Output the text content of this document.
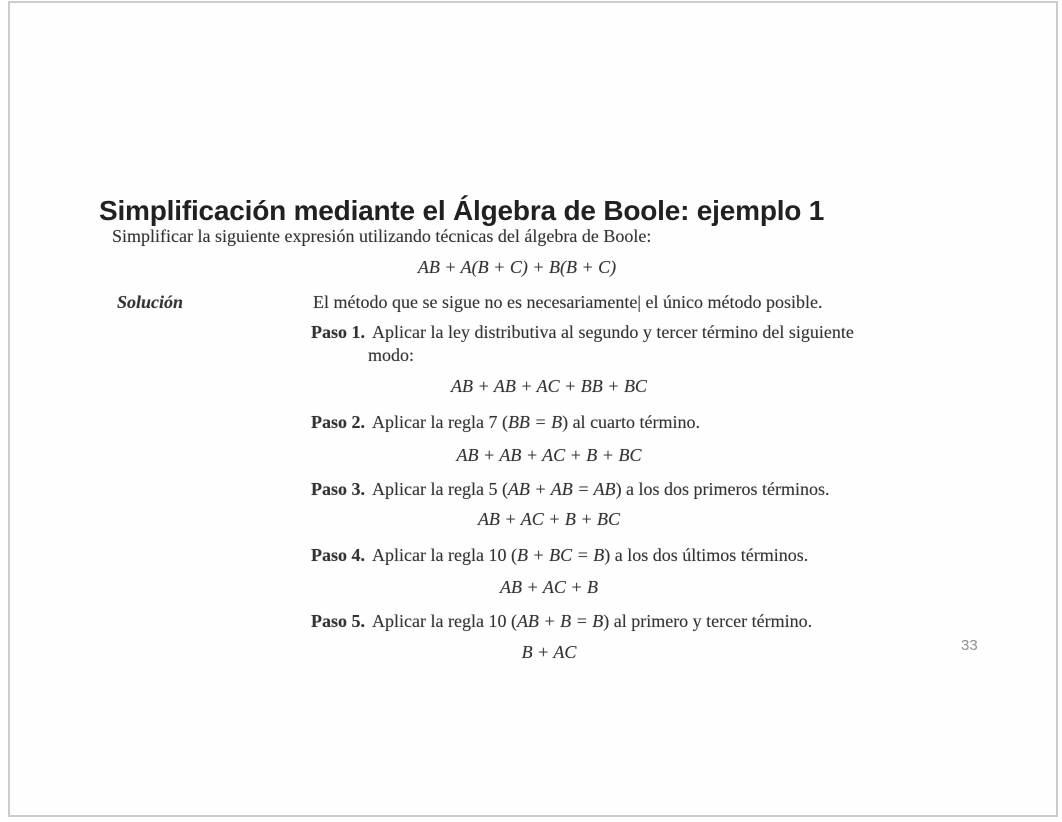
Simplificación mediante el Álgebra de Boole: ejemplo 1
Simplificar la siguiente expresión utilizando técnicas del álgebra de Boole:
AB + A(B + C) + B(B + C)
Solución	El método que se sigue no es necesariamente| el único método posible.
Paso 1. Aplicar la ley distributiva al segundo y tercer término del siguiente
modo:
AB + AB + AC + BB + BC
Paso 2. Aplicar la regla 7 (BB = B) al cuarto término.
AB + AB + AC + B + BC
Paso 3. Aplicar la regla 5 (AB + AB = AB) a los dos primeros términos.
AB + AC + B + BC
Paso 4. Aplicar la regla 10 (B + BC = B) a los dos últimos términos.
AB + AC + B
Paso 5. Aplicar la regla 10 (AB + B = B) al primero y tercer término.
B + AC	33
